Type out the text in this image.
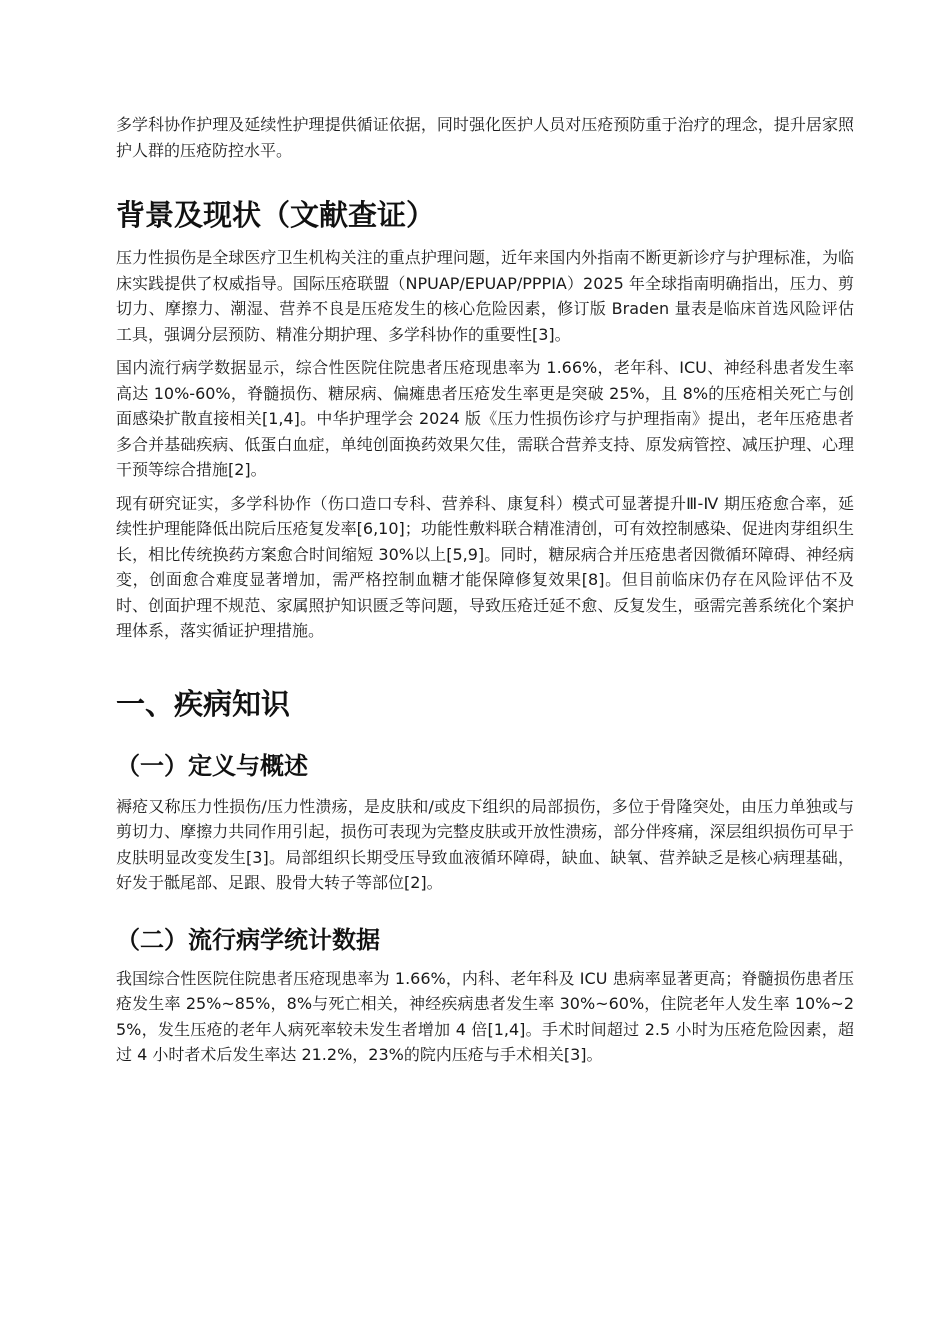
多学科协作护理及延续性护理提供循证依据，同时强化医护人员对压疮预防重于治疗的理念，提升居家照护人群的压疮防控水平。

背景及现状（文献查证）

压力性损伤是全球医疗卫生机构关注的重点护理问题，近年来国内外指南不断更新诊疗与护理标准，为临床实践提供了权威指导。国际压疮联盟（NPUAP/EPUAP/PPPIA）2025 年全球指南明确指出，压力、剪切力、摩擦力、潮湿、营养不良是压疮发生的核心危险因素，修订版 Braden 量表是临床首选风险评估工具，强调分层预防、精准分期护理、多学科协作的重要性[3]。

国内流行病学数据显示，综合性医院住院患者压疮现患率为 1.66%，老年科、ICU、神经科患者发生率高达 10%-60%，脊髓损伤、糖尿病、偏瘫患者压疮发生率更是突破 25%，且 8%的压疮相关死亡与创面感染扩散直接相关[1,4]。中华护理学会 2024 版《压力性损伤诊疗与护理指南》提出，老年压疮患者多合并基础疾病、低蛋白血症，单纯创面换药效果欠佳，需联合营养支持、原发病管控、减压护理、心理干预等综合措施[2]。

现有研究证实，多学科协作（伤口造口专科、营养科、康复科）模式可显著提升Ⅲ-Ⅳ 期压疮愈合率，延续性护理能降低出院后压疮复发率[6,10]；功能性敷料联合精准清创，可有效控制感染、促进肉芽组织生长，相比传统换药方案愈合时间缩短 30%以上[5,9]。同时，糖尿病合并压疮患者因微循环障碍、神经病变，创面愈合难度显著增加，需严格控制血糖才能保障修复效果[8]。但目前临床仍存在风险评估不及时、创面护理不规范、家属照护知识匮乏等问题，导致压疮迁延不愈、反复发生，亟需完善系统化个案护理体系，落实循证护理措施。

一、疾病知识
（一）定义与概述

褥疮又称压力性损伤/压力性溃疡，是皮肤和/或皮下组织的局部损伤，多位于骨隆突处，由压力单独或与剪切力、摩擦力共同作用引起，损伤可表现为完整皮肤或开放性溃疡，部分伴疼痛，深层组织损伤可早于皮肤明显改变发生[3]。局部组织长期受压导致血液循环障碍，缺血、缺氧、营养缺乏是核心病理基础，好发于骶尾部、足跟、股骨大转子等部位[2]。

（二）流行病学统计数据

我国综合性医院住院患者压疮现患率为 1.66%，内科、老年科及 ICU 患病率显著更高；脊髓损伤患者压疮发生率 25%~85%，8%与死亡相关，神经疾病患者发生率 30%~60%，住院老年人发生率 10%~25%，发生压疮的老年人病死率较未发生者增加 4 倍[1,4]。手术时间超过 2.5 小时为压疮危险因素，超过 4 小时者术后发生率达 21.2%，23%的院内压疮与手术相关[3]。
